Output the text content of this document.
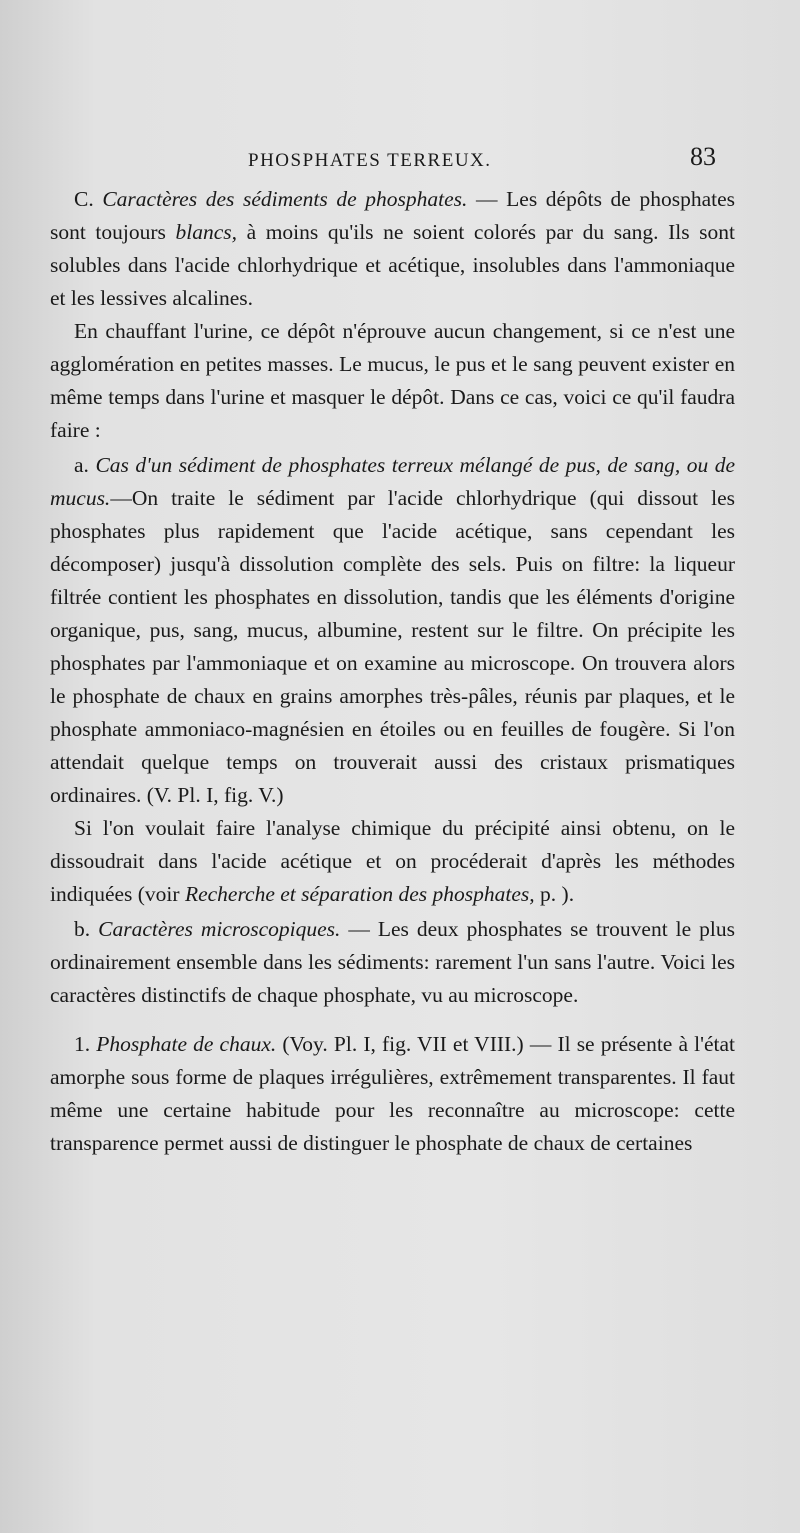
PHOSPHATES TERREUX.	83

C. Caractères des sédiments de phosphates. — Les dépôts de phosphates sont toujours blancs, à moins qu'ils ne soient colorés par du sang. Ils sont solubles dans l'acide chlorhydrique et acétique, insolubles dans l'ammoniaque et les lessives alcalines.

En chauffant l'urine, ce dépôt n'éprouve aucun changement, si ce n'est une agglomération en petites masses. Le mucus, le pus et le sang peuvent exister en même temps dans l'urine et masquer le dépôt. Dans ce cas, voici ce qu'il faudra faire :

a. Cas d'un sédiment de phosphates terreux mélangé de pus, de sang, ou de mucus.—On traite le sédiment par l'acide chlorhydrique (qui dissout les phosphates plus rapidement que l'acide acétique, sans cependant les décomposer) jusqu'à dissolution complète des sels. Puis on filtre: la liqueur filtrée contient les phosphates en dissolution, tandis que les éléments d'origine organique, pus, sang, mucus, albumine, restent sur le filtre. On précipite les phosphates par l'ammoniaque et on examine au microscope. On trouvera alors le phosphate de chaux en grains amorphes très-pâles, réunis par plaques, et le phosphate ammoniaco-magnésien en étoiles ou en feuilles de fougère. Si l'on attendait quelque temps on trouverait aussi des cristaux prismatiques ordinaires. (V. Pl. I, fig. V.)

Si l'on voulait faire l'analyse chimique du précipité ainsi obtenu, on le dissoudrait dans l'acide acétique et on procéderait d'après les méthodes indiquées (voir Recherche et séparation des phosphates, p. ).

b. Caractères microscopiques. — Les deux phosphates se trouvent le plus ordinairement ensemble dans les sédiments: rarement l'un sans l'autre. Voici les caractères distinctifs de chaque phosphate, vu au microscope.

1. Phosphate de chaux. (Voy. Pl. I, fig. VII et VIII.) — Il se présente à l'état amorphe sous forme de plaques irrégulières, extrêmement transparentes. Il faut même une certaine habitude pour les reconnaître au microscope: cette transparence permet aussi de distinguer le phosphate de chaux de certaines
